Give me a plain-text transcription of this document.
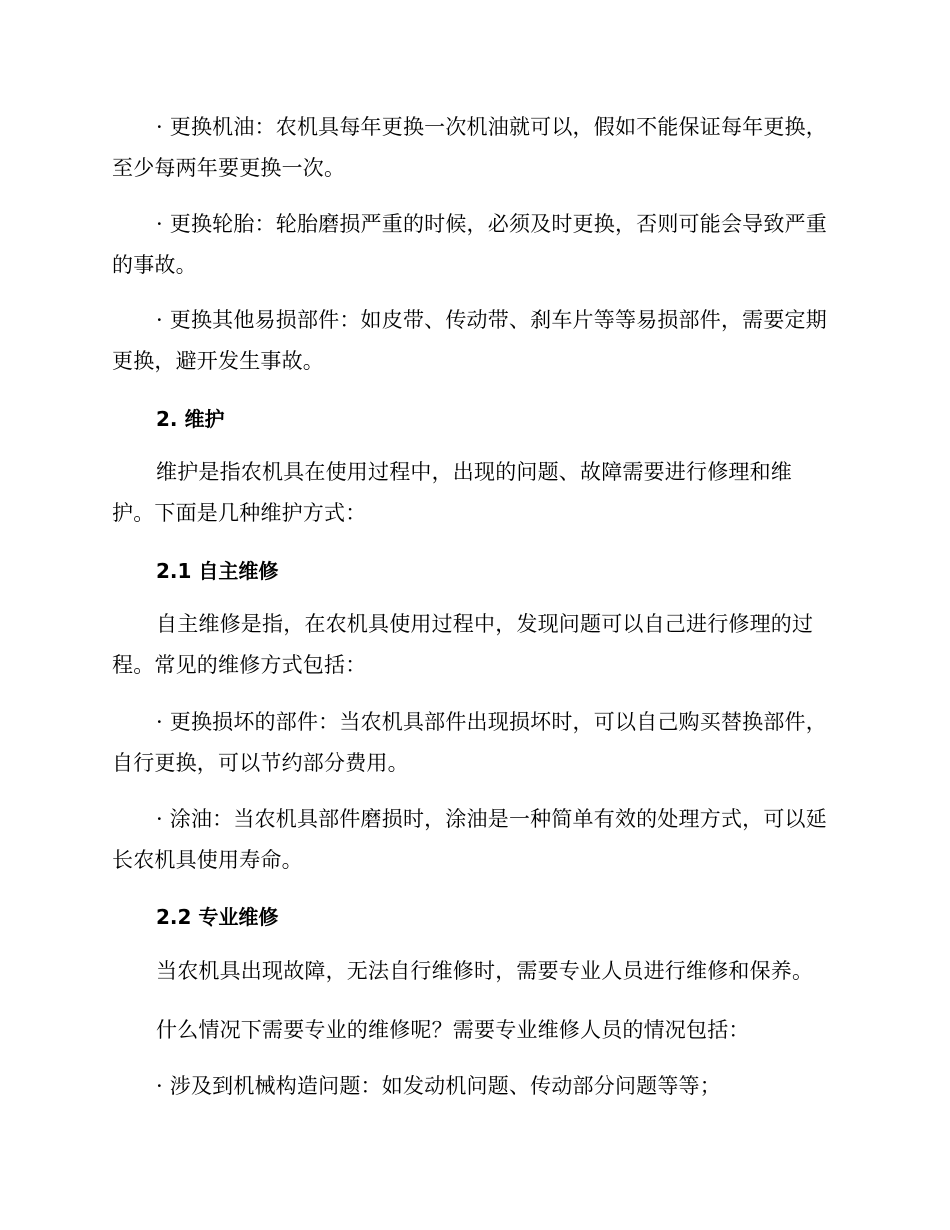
· 更换机油：农机具每年更换一次机油就可以，假如不能保证每年更换，至少每两年要更换一次。

· 更换轮胎：轮胎磨损严重的时候，必须及时更换，否则可能会导致严重的事故。

· 更换其他易损部件：如皮带、传动带、刹车片等等易损部件，需要定期更换，避开发生事故。

2. 维护

维护是指农机具在使用过程中，出现的问题、故障需要进行修理和维护。下面是几种维护方式：

2.1 自主维修

自主维修是指，在农机具使用过程中，发现问题可以自己进行修理的过程。常见的维修方式包括：

· 更换损坏的部件：当农机具部件出现损坏时，可以自己购买替换部件，自行更换，可以节约部分费用。

· 涂油：当农机具部件磨损时，涂油是一种简单有效的处理方式，可以延长农机具使用寿命。

2.2 专业维修

当农机具出现故障，无法自行维修时，需要专业人员进行维修和保养。

什么情况下需要专业的维修呢？需要专业维修人员的情况包括：

· 涉及到机械构造问题：如发动机问题、传动部分问题等等；
